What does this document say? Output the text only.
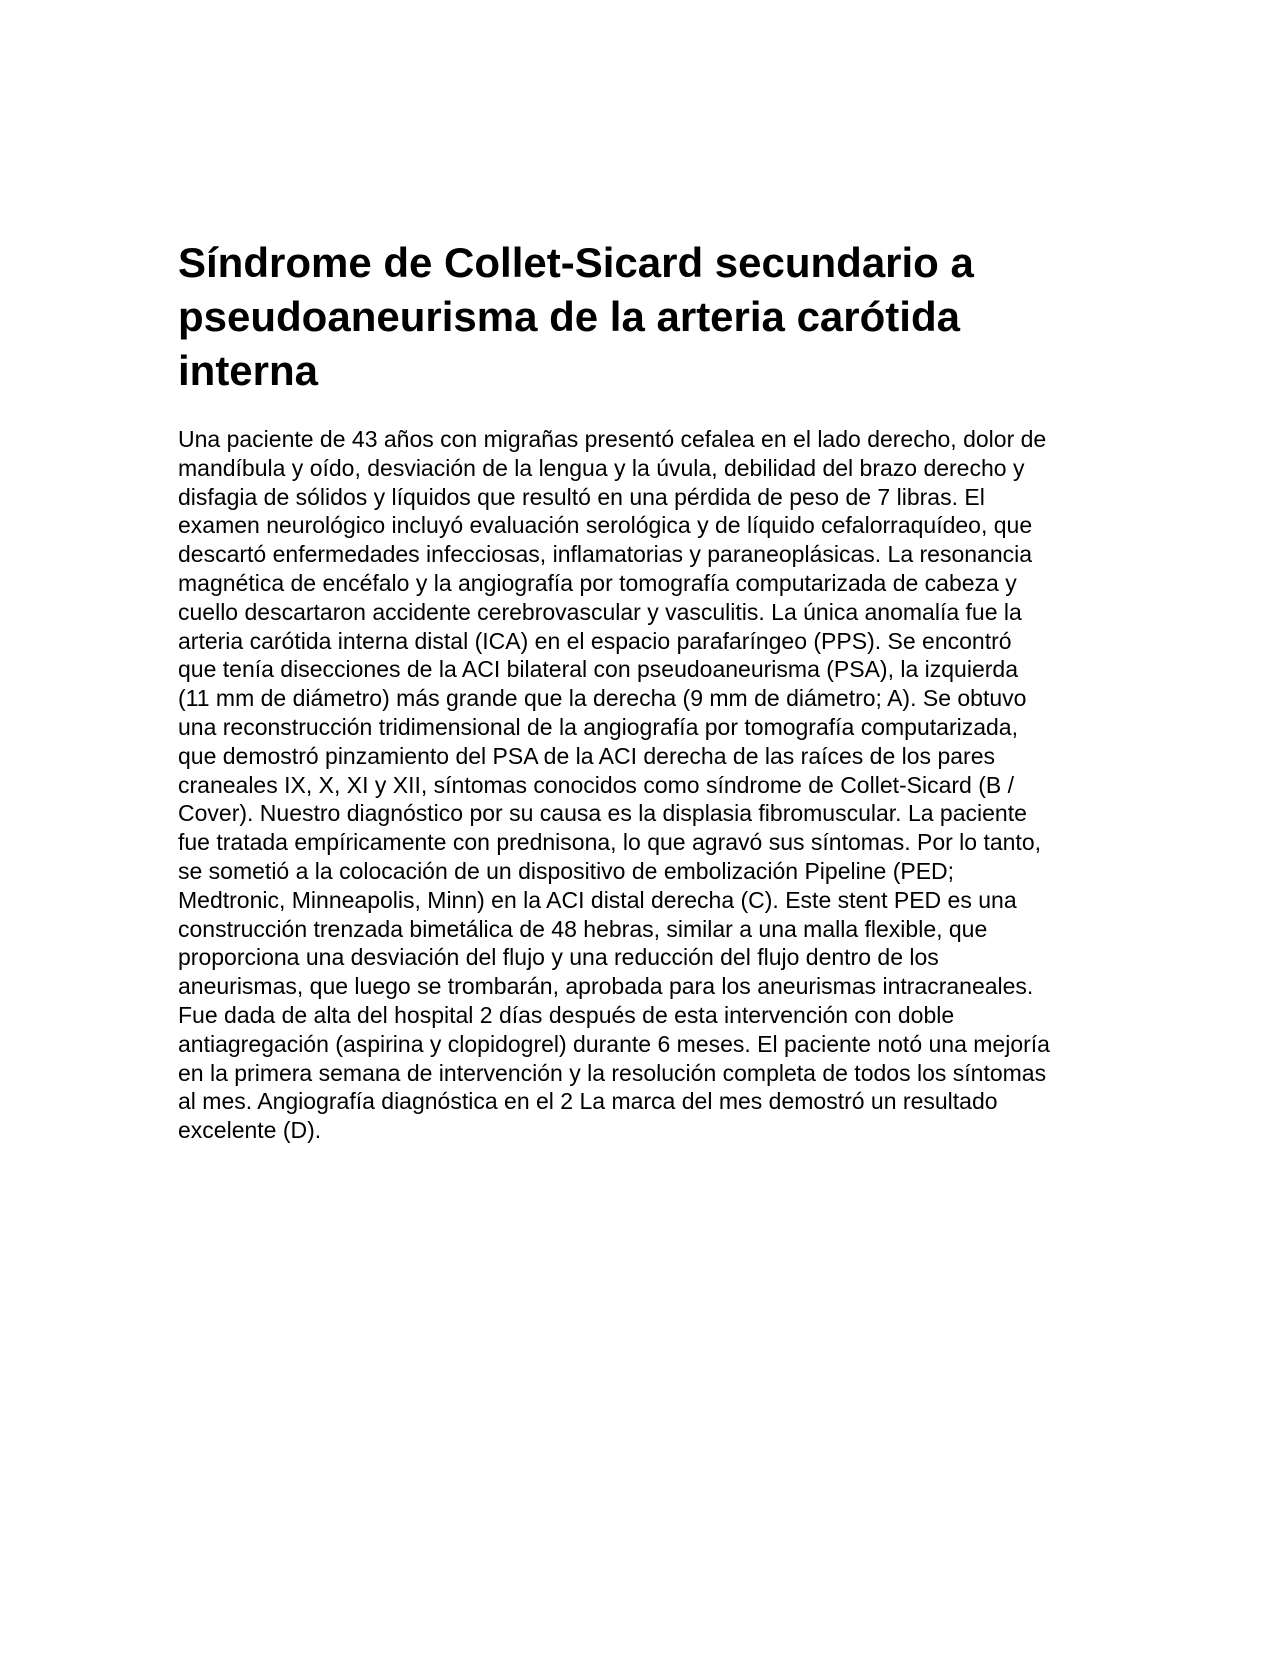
Síndrome de Collet-Sicard secundario a
pseudoaneurisma de la arteria carótida
interna

Una paciente de 43 años con migrañas presentó cefalea en el lado derecho, dolor de
mandíbula y oído, desviación de la lengua y la úvula, debilidad del brazo derecho y
disfagia de sólidos y líquidos que resultó en una pérdida de peso de 7 libras. El
examen neurológico incluyó evaluación serológica y de líquido cefalorraquídeo, que
descartó enfermedades infecciosas, inflamatorias y paraneoplásicas. La resonancia
magnética de encéfalo y la angiografía por tomografía computarizada de cabeza y
cuello descartaron accidente cerebrovascular y vasculitis. La única anomalía fue la
arteria carótida interna distal (ICA) en el espacio parafaríngeo (PPS). Se encontró
que tenía disecciones de la ACI bilateral con pseudoaneurisma (PSA), la izquierda
(11 mm de diámetro) más grande que la derecha (9 mm de diámetro; A). Se obtuvo
una reconstrucción tridimensional de la angiografía por tomografía computarizada,
que demostró pinzamiento del PSA de la ACI derecha de las raíces de los pares
craneales IX, X, XI y XII, síntomas conocidos como síndrome de Collet-Sicard (B /
Cover). Nuestro diagnóstico por su causa es la displasia fibromuscular. La paciente
fue tratada empíricamente con prednisona, lo que agravó sus síntomas. Por lo tanto,
se sometió a la colocación de un dispositivo de embolización Pipeline (PED;
Medtronic, Minneapolis, Minn) en la ACI distal derecha (C). Este stent PED es una
construcción trenzada bimetálica de 48 hebras, similar a una malla flexible, que
proporciona una desviación del flujo y una reducción del flujo dentro de los
aneurismas, que luego se trombarán, aprobada para los aneurismas intracraneales.
Fue dada de alta del hospital 2 días después de esta intervención con doble
antiagregación (aspirina y clopidogrel) durante 6 meses. El paciente notó una mejoría
en la primera semana de intervención y la resolución completa de todos los síntomas
al mes. Angiografía diagnóstica en el 2 La marca del mes demostró un resultado
excelente (D).
